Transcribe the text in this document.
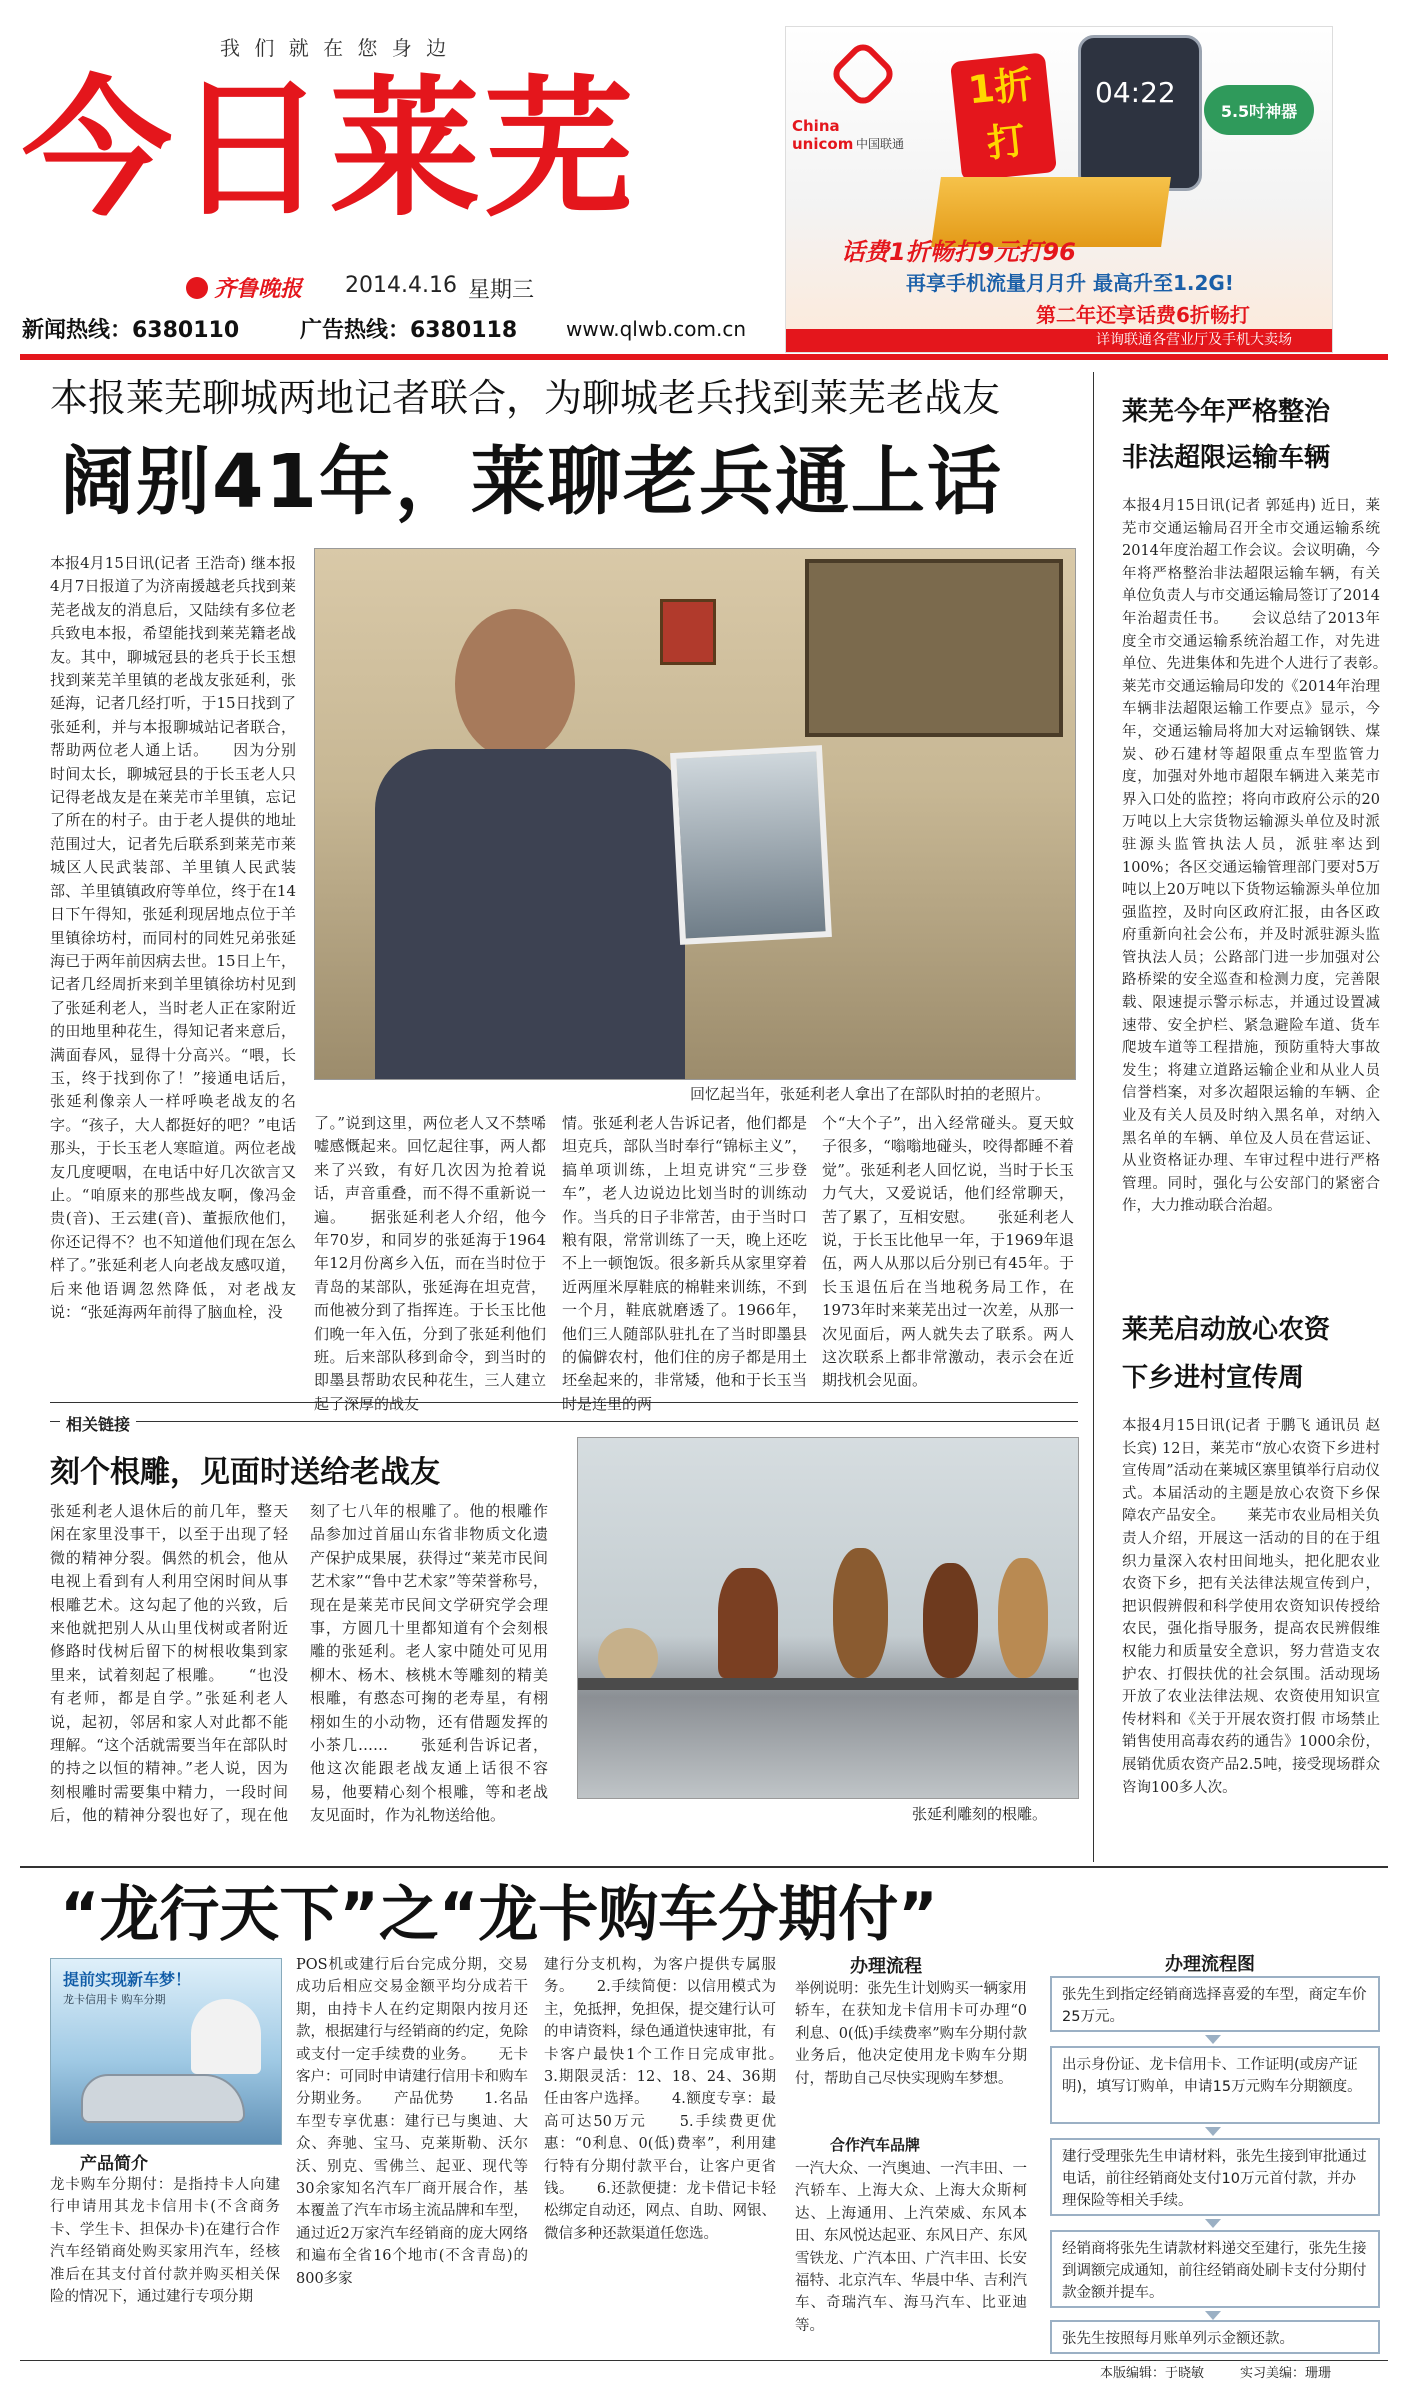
我 们 就 在 您 身 边
今日莱芜
齐鲁晚报 2014.4.16 星期三
新闻热线：6380110	广告热线：6380118 www.qlwb.com.cn
China unicom 中国联通
1折
打
04:22
5.5吋神器
话费1折畅打9元打96
再享手机流量月月升 最高升至1.2G!
第二年还享话费6折畅打
详询联通各营业厅及手机大卖场
本报莱芜聊城两地记者联合，为聊城老兵找到莱芜老战友
阔别41年，莱聊老兵通上话
本报4月15日讯(记者 王浩奇) 继本报4月7日报道了为济南援越老兵找到莱芜老战友的消息后，又陆续有多位老兵致电本报，希望能找到莱芜籍老战友。其中，聊城冠县的老兵于长玉想找到莱芜羊里镇的老战友张延利，张延海，记者几经打听，于15日找到了张延利，并与本报聊城站记者联合，帮助两位老人通上话。　　因为分别时间太长，聊城冠县的于长玉老人只记得老战友是在莱芜市羊里镇，忘记了所在的村子。由于老人提供的地址范围过大，记者先后联系到莱芜市莱城区人民武装部、羊里镇人民武装部、羊里镇镇政府等单位，终于在14日下午得知，张延利现居地点位于羊里镇徐坊村，而同村的同姓兄弟张延海已于两年前因病去世。15日上午，记者几经周折来到羊里镇徐坊村见到了张延利老人，当时老人正在家附近的田地里种花生，得知记者来意后，满面春风，显得十分高兴。“喂，长玉，终于找到你了！”接通电话后，张延利像亲人一样呼唤老战友的名字。“孩子，大人都挺好的吧？”电话那头，于长玉老人寒暄道。两位老战友几度哽咽，在电话中好几次欲言又止。“咱原来的那些战友啊，像冯金贵(音)、王云建(音)、董振欣他们，你还记得不？也不知道他们现在怎么样了。”张延利老人向老战友感叹道，后来他语调忽然降低，对老战友说：“张延海两年前得了脑血栓，没
回忆起当年，张延利老人拿出了在部队时拍的老照片。
了。”说到这里，两位老人又不禁唏嘘感慨起来。回忆起往事，两人都来了兴致，有好几次因为抢着说话，声音重叠，而不得不重新说一遍。　　据张延利老人介绍，他今年70岁，和同岁的张延海于1964年12月份离乡入伍，而在当时位于青岛的某部队，张延海在坦克营，而他被分到了指挥连。于长玉比他们晚一年入伍，分到了张延利他们班。后来部队移到命令，到当时的即墨县帮助农民种花生，三人建立起了深厚的战友
情。张延利老人告诉记者，他们都是坦克兵，部队当时奉行“锦标主义”，搞单项训练，上坦克讲究“三步登车”，老人边说边比划当时的训练动作。当兵的日子非常苦，由于当时口粮有限，常常训练了一天，晚上还吃不上一顿饱饭。很多新兵从家里穿着近两厘米厚鞋底的棉鞋来训练，不到一个月，鞋底就磨透了。1966年，他们三人随部队驻扎在了当时即墨县的偏僻农村，他们住的房子都是用土坯垒起来的，非常矮，他和于长玉当时是连里的两
个“大个子”，出入经常碰头。夏天蚊子很多，“嗡嗡地碰头，咬得都睡不着觉”。张延利老人回忆说，当时于长玉力气大，又爱说话，他们经常聊天，苦了累了，互相安慰。　　张延利老人说，于长玉比他早一年，于1969年退伍，两人从那以后分别已有45年。于长玉退伍后在当地税务局工作，在1973年时来莱芜出过一次差，从那一次见面后，两人就失去了联系。两人这次联系上都非常激动，表示会在近期找机会见面。
相关链接
刻个根雕，见面时送给老战友
张延利老人退休后的前几年，整天闲在家里没事干，以至于出现了轻微的精神分裂。偶然的机会，他从电视上看到有人利用空闲时间从事根雕艺术。这勾起了他的兴致，后来他就把别人从山里伐树或者附近修路时伐树后留下的树根收集到家里来，试着刻起了根雕。　　“也没有老师，都是自学。”张延利老人说，起初，邻居和家人对此都不能理解。“这个活就需要当年在部队时的持之以恒的精神。”老人说，因为刻根雕时需要集中精力，一段时间后，他的精神分裂也好了，现在他
刻了七八年的根雕了。他的根雕作品参加过首届山东省非物质文化遗产保护成果展，获得过“莱芜市民间艺术家”“鲁中艺术家”等荣誉称号，现在是莱芜市民间文学研究学会理事，方圆几十里都知道有个会刻根雕的张延利。老人家中随处可见用柳木、杨木、核桃木等雕刻的精美根雕，有憨态可掬的老寿星，有栩栩如生的小动物，还有借题发挥的小茶几……　　张延利告诉记者，他这次能跟老战友通上话很不容易，他要精心刻个根雕，等和老战友见面时，作为礼物送给他。	张延利雕刻的根雕。
莱芜今年严格整治
非法超限运输车辆
本报4月15日讯(记者 郭延冉) 近日，莱芜市交通运输局召开全市交通运输系统2014年度治超工作会议。会议明确，今年将严格整治非法超限运输车辆，有关单位负责人与市交通运输局签订了2014年治超责任书。　　会议总结了2013年度全市交通运输系统治超工作，对先进单位、先进集体和先进个人进行了表彰。　　莱芜市交通运输局印发的《2014年治理车辆非法超限运输工作要点》显示，今年，交通运输局将加大对运输钢铁、煤炭、砂石建材等超限重点车型监管力度，加强对外地市超限车辆进入莱芜市界入口处的监控；将向市政府公示的20万吨以上大宗货物运输源头单位及时派驻源头监管执法人员，派驻率达到100%；各区交通运输管理部门要对5万吨以上20万吨以下货物运输源头单位加强监控，及时向区政府汇报，由各区政府重新向社会公布，并及时派驻源头监管执法人员；公路部门进一步加强对公路桥梁的安全巡查和检测力度，完善限载、限速提示警示标志，并通过设置减速带、安全护栏、紧急避险车道、货车爬坡车道等工程措施，预防重特大事故发生；将建立道路运输企业和从业人员信誉档案，对多次超限运输的车辆、企业及有关人员及时纳入黑名单，对纳入黑名单的车辆、单位及人员在营运证、从业资格证办理、车审过程中进行严格管理。同时，强化与公安部门的紧密合作，大力推动联合治超。
莱芜启动放心农资
下乡进村宣传周
本报4月15日讯(记者 于鹏飞 通讯员 赵长宾) 12日，莱芜市“放心农资下乡进村宣传周”活动在莱城区寨里镇举行启动仪式。本届活动的主题是放心农资下乡保障农产品安全。　　莱芜市农业局相关负责人介绍，开展这一活动的目的在于组织力量深入农村田间地头，把化肥农业农资下乡，把有关法律法规宣传到户，把识假辨假和科学使用农资知识传授给农民，强化指导服务，提高农民辨假维权能力和质量安全意识，努力营造支农护农、打假扶优的社会氛围。活动现场开放了农业法律法规、农资使用知识宣传材料和《关于开展农资打假 市场禁止销售使用高毒农药的通告》1000余份，展销优质农资产品2.5吨，接受现场群众咨询100多人次。
“龙行天下”之“龙卡购车分期付”
提前实现新车梦！
龙卡信用卡 购车分期
产品简介
龙卡购车分期付：是指持卡人向建行申请用其龙卡信用卡(不含商务卡、学生卡、担保办卡)在建行合作汽车经销商处购买家用汽车，经核准后在其支付首付款并购买相关保险的情况下，通过建行专项分期
POS机或建行后台完成分期，交易成功后相应交易金额平均分成若干期，由持卡人在约定期限内按月还款，根据建行与经销商的约定，免除或支付一定手续费的业务。　　无卡客户：可同时申请建行信用卡和购车分期业务。　　产品优势　　1.名品车型专享优惠：建行已与奥迪、大众、奔驰、宝马、克莱斯勒、沃尔沃、别克、雪佛兰、起亚、现代等30余家知名汽车厂商开展合作，基本覆盖了汽车市场主流品牌和车型，通过近2万家汽车经销商的庞大网络和遍布全省16个地市(不含青岛)的800多家
建行分支机构，为客户提供专属服务。　　2.手续简便：以信用模式为主，免抵押，免担保，提交建行认可的申请资料，绿色通道快速审批，有卡客户最快1个工作日完成审批。　　3.期限灵活：12、18、24、36期任由客户选择。　　4.额度专享：最高可达50万元　　5.手续费更优惠：“0利息、0(低)费率”，利用建行特有分期付款平台，让客户更省钱。　　6.还款便捷：龙卡借记卡轻松绑定自动还，网点、自助、网银、微信多种还款渠道任您选。
办理流程
举例说明：张先生计划购买一辆家用轿车，在获知龙卡信用卡可办理“0利息、0(低)手续费率”购车分期付款业务后，他决定使用龙卡购车分期付，帮助自己尽快实现购车梦想。
合作汽车品牌
一汽大众、一汽奥迪、一汽丰田、一汽轿车、上海大众、上海大众斯柯达、上海通用、上汽荣威、东风本田、东风悦达起亚、东风日产、东风雪铁龙、广汽本田、广汽丰田、长安福特、北京汽车、华晨中华、吉利汽车、奇瑞汽车、海马汽车、比亚迪等。
办理流程图
张先生到指定经销商选择喜爱的车型，商定车价25万元。
出示身份证、龙卡信用卡、工作证明(或房产证明)，填写订购单，申请15万元购车分期额度。
建行受理张先生申请材料，张先生接到审批通过电话，前往经销商处支付10万元首付款，并办理保险等相关手续。
经销商将张先生请款材料递交至建行，张先生接到调额完成通知，前往经销商处刷卡支付分期付款金额并提车。
张先生按照每月账单列示金额还款。
本版编辑：于晓敏	实习美编：珊珊
